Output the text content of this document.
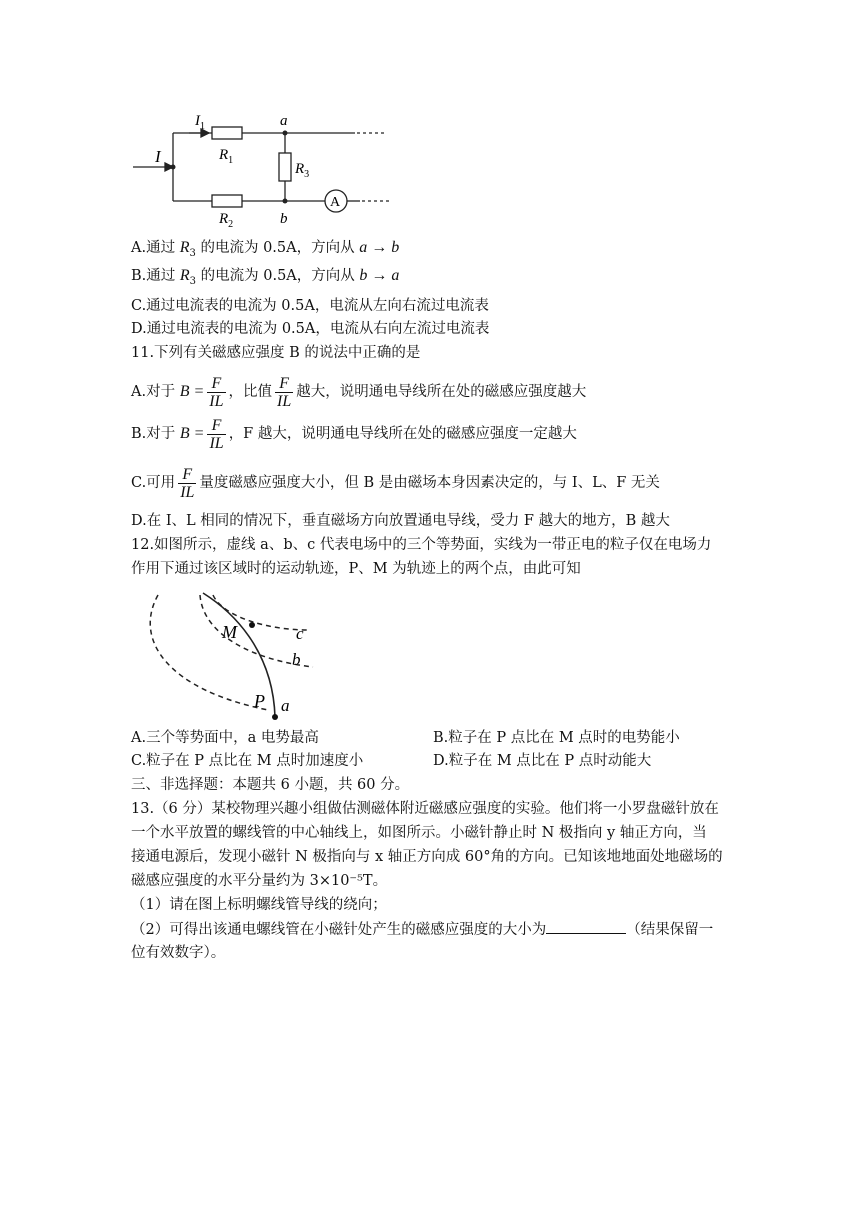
I
$I_1$
$R_1$
$R_2$
$R_3$
a
b
A
A.通过 $R_3$ 的电流为 0.5A，方向从 a → b
B.通过 $R_3$ 的电流为 0.5A，方向从 b → a
C.通过电流表的电流为 0.5A，电流从左向右流过电流表
D.通过电流表的电流为 0.5A，电流从右向左流过电流表
11.下列有关磁感应强度 B 的说法中正确的是
A.对于 $B = \frac{F}{IL}$ ，比值 $\frac{F}{IL}$ 越大，说明通电导线所在处的磁感应强度越大
B.对于 $B = \frac{F}{IL}$ ，F 越大，说明通电导线所在处的磁感应强度一定越大
C.可用 $\frac{F}{IL}$ 量度磁感应强度大小，但 B 是由磁场本身因素决定的，与 I、L、F 无关
D.在 I、L 相同的情况下，垂直磁场方向放置通电导线，受力 F 越大的地方，B 越大
12.如图所示，虚线 a、b、c 代表电场中的三个等势面，实线为一带正电的粒子仅在电场力
作用下通过该区域时的运动轨迹，P、M 为轨迹上的两个点，由此可知
M
P
c
b
a
A.三个等势面中，a 电势最高	B.粒子在 P 点比在 M 点时的电势能小
C.粒子在 P 点比在 M 点时加速度小	D.粒子在 M 点比在 P 点时动能大
三、非选择题：本题共 6 小题，共 60 分。
13.（6 分）某校物理兴趣小组做估测磁体附近磁感应强度的实验。他们将一小罗盘磁针放在
一个水平放置的螺线管的中心轴线上，如图所示。小磁针静止时 N 极指向 y 轴正方向，当
接通电源后，发现小磁针 N 极指向与 x 轴正方向成 60°角的方向。已知该地地面处地磁场的
磁感应强度的水平分量约为 3×10⁻⁵T。
（1）请在图上标明螺线管导线的绕向；
（2）可得出该通电螺线管在小磁针处产生的磁感应强度的大小为	（结果保留一
位有效数字）。
